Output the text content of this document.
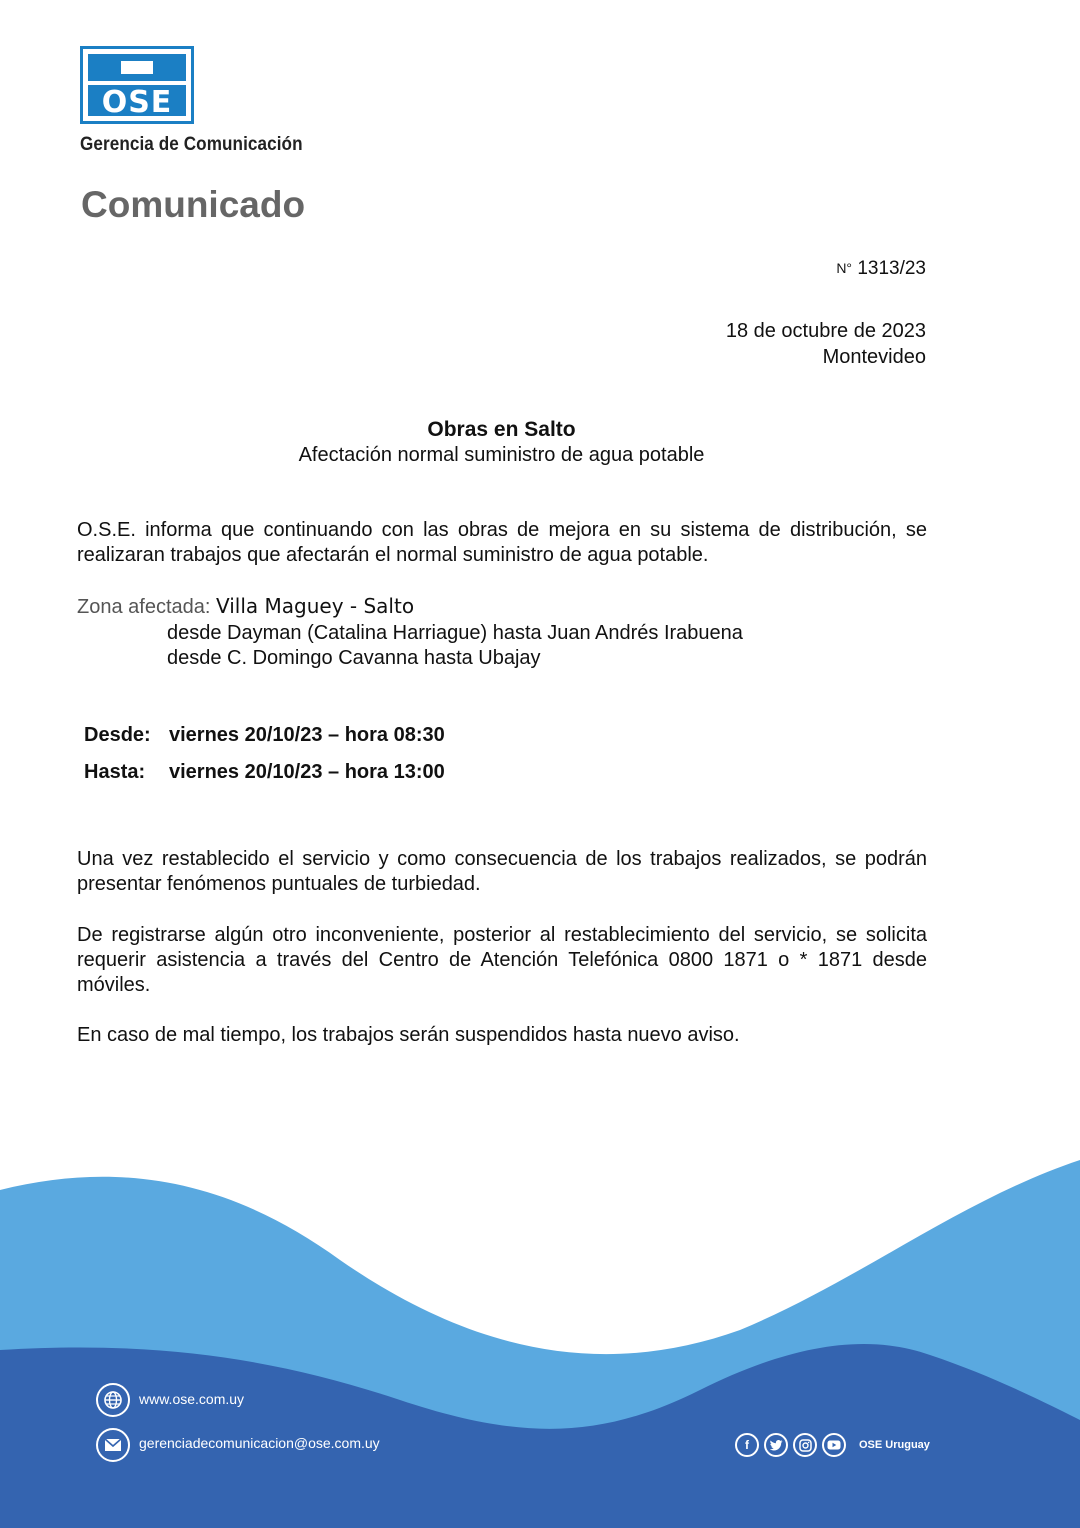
OSE
Gerencia de Comunicación
Comunicado
N° 1313/23
18 de octubre de 2023
Montevideo
Obras en Salto
Afectación normal suministro de agua potable

O.S.E. informa que continuando con las obras de mejora en su sistema de distribución, se realizaran trabajos que afectarán el normal suministro de agua potable.

Zona afectada: Villa Maguey - Salto
desde Dayman (Catalina Harriague) hasta Juan Andrés Irabuena
desde C. Domingo Cavanna hasta Ubajay
Desde: viernes 20/10/23 – hora 08:30
Hasta: viernes 20/10/23 – hora 13:00

Una vez restablecido el servicio y como consecuencia de los trabajos realizados, se podrán presentar fenómenos puntuales de turbiedad.

De registrarse algún otro inconveniente, posterior al restablecimiento del servicio, se solicita requerir asistencia a través del Centro de Atención Telefónica 0800 1871 o * 1871 desde móviles.

En caso de mal tiempo, los trabajos serán suspendidos hasta nuevo aviso.

www.ose.com.uy
gerenciadecomunicacion@ose.com.uy	f	OSE Uruguay
